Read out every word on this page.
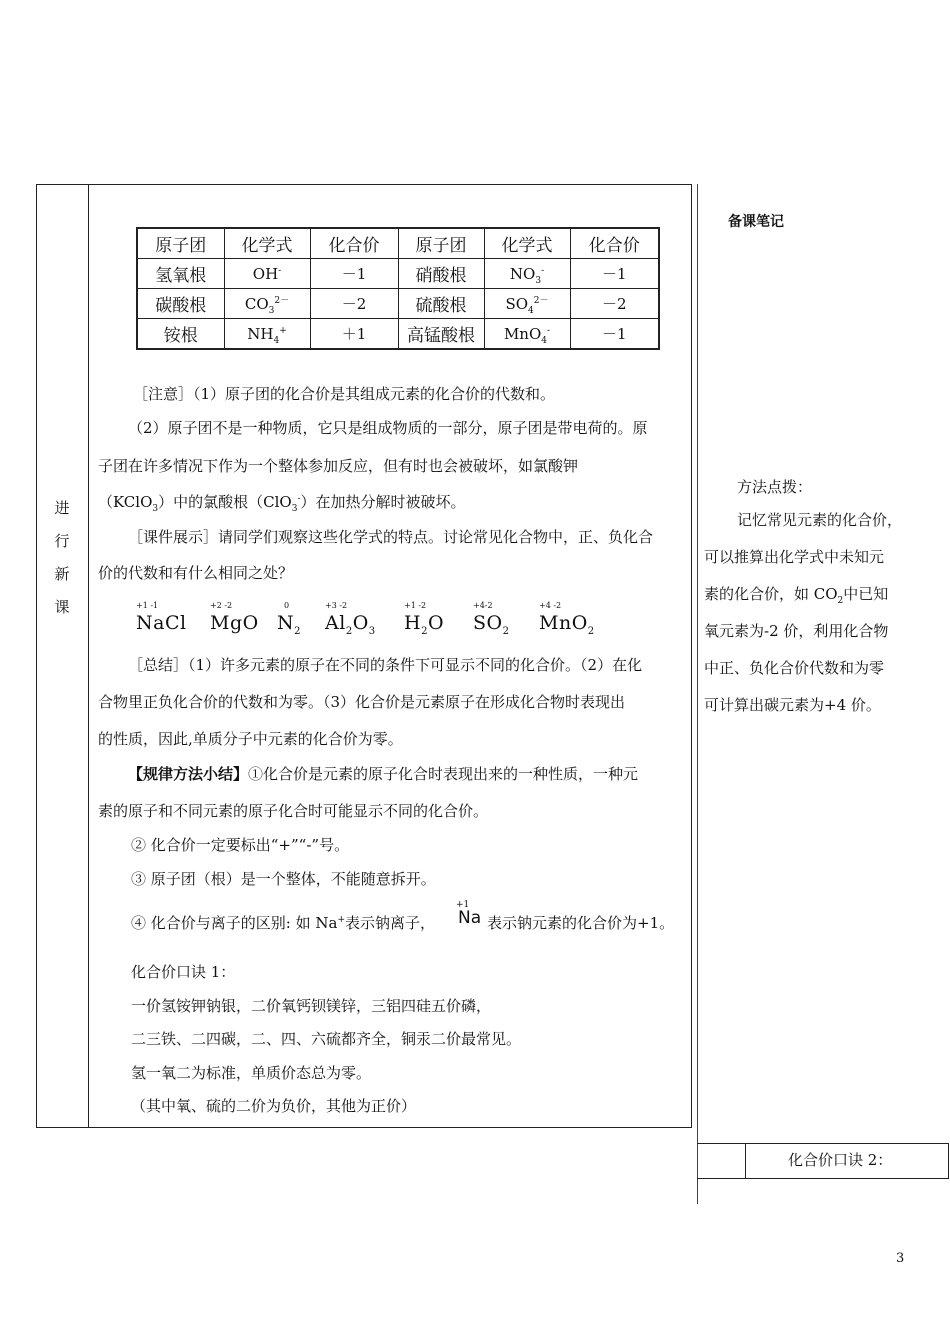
进
行
新
课
原子团	化学式	化合价	原子团	化学式	化合价
氢氧根	OH-	－1	硝酸根	$NO_3^-$	－1
碳酸根	$CO_3^{2-}$	－2	硫酸根	$SO_4^{2-}$	－2
铵根	$NH_4^+$	＋1	高锰酸根	MnO$_4$-	－1
［注意］（1）原子团的化合价是其组成元素的化合价的代数和。
（2）原子团不是一种物质，它只是组成物质的一部分，原子团是带电荷的。原
子团在许多情况下作为一个整体参加反应，但有时也会被破坏，如氯酸钾
（KClO$_3$）中的氯酸根（ClO$_3$-）在加热分解时被破坏。
［课件展示］请同学们观察这些化学式的特点。讨论常见化合物中，正、负化合
价的代数和有什么相同之处？
+1 -1
NaCl
+2 -2
MgO
0
$N_2$
+3 -2
$Al_2O_3$
+1 -2
$H_2O$
+4-2
$SO_2$
+4 -2
MnO$_2$
［总结］（1）许多元素的原子在不同的条件下可显示不同的化合价。（2）在化
合物里正负化合价的代数和为零。（3）化合价是元素原子在形成化合物时表现出
的性质，因此,单质分子中元素的化合价为零。
【规律方法小结】①化合价是元素的原子化合时表现出来的一种性质，一种元
素的原子和不同元素的原子化合时可能显示不同的化合价。
② 化合价一定要标出“+”“-”号。
③ 原子团（根）是一个整体，不能随意拆开。
④ 化合价与离子的区别: 如 Na+表示钠离子，
+1
Na 表示钠元素的化合价为+1。
化合价口诀 1：
一价氢铵钾钠银，二价氧钙钡镁锌，三铝四硅五价磷，
二三铁、二四碳，二、四、六硫都齐全，铜汞二价最常见。
氢一氧二为标准，单质价态总为零。
（其中氧、硫的二价为负价，其他为正价）
备课笔记
方法点拨：
记忆常见元素的化合价，
可以推算出化学式中未知元
素的化合价，如 $CO_2$中已知
氧元素为-2 价，利用化合物
中正、负化合价代数和为零
可计算出碳元素为+4 价。
化合价口诀 2：
3
